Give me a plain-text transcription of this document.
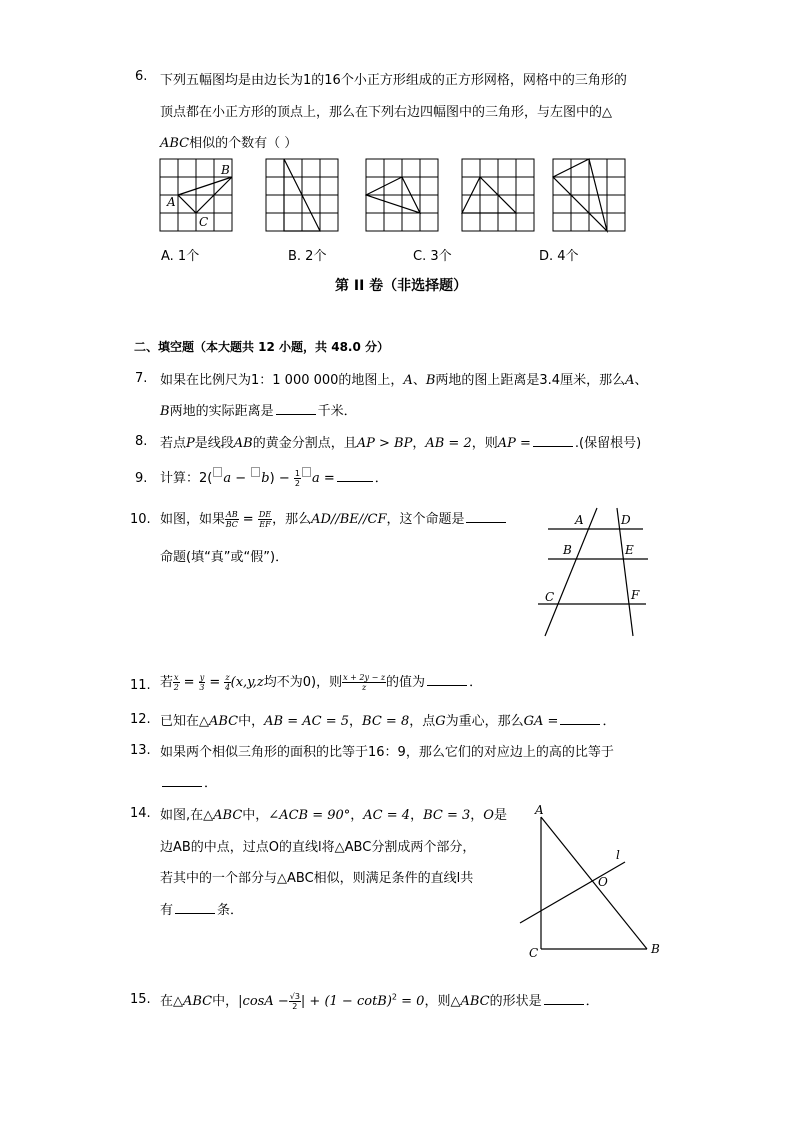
6. 下列五幅图均是由边长为1的16个小正方形组成的正方形网格，网格中的三角形的
顶点都在小正方形的顶点上，那么在下列右边四幅图中的三角形，与左图中的△
ABC相似的个数有（ ）
B
A
C
A. 1个	B. 2个	C. 3个	D. 4个
第 II 卷（非选择题）
二、填空题（本大题共 12 小题，共 48.0 分）
7. 如果在比例尺为1：1 000 000的地图上，A、B两地的图上距离是3.4厘米，那么A、
B两地的实际距离是	千米．
8. 若点P是线段AB的黄金分割点，且AP > BP，AB = 2，则AP =	.(保留根号)
9. 计算：2( $a - b) - \frac{1}{2}$ a =	．
10. 如图，如果 $\frac{AB}{BC} = \frac{DE}{EF}$ ，那么AD//BE//CF，这个命题是
命题(填“真”或“假”)．
A	D
B	E
C	F
11. 若 $\frac{x}{2} = \frac{y}{3} = \frac{z}{4} (x,y,z$均不为0)，则 $\frac{x + 2y - z}{z}$ 的值为	．
12. 已知在△ABC中，AB = AC = 5，BC = 8，点G为重心，那么GA =	．
13. 如果两个相似三角形的面积的比等于16：9，那么它们的对应边上的高的比等于
．
14. 如图,在△ABC中，∠ACB = 90°，AC = 4，BC = 3，O是
边AB的中点，过点O的直线l将△ABC分割成两个部分，
若其中的一个部分与△ABC相似，则满足条件的直线l共
有	条．
A
B
C
O
l
15. 在△ABC中，$|\cos A - \frac{√3}{2}$ | + $(1 - \cot B)^2 = 0$，则△ABC的形状是	．
